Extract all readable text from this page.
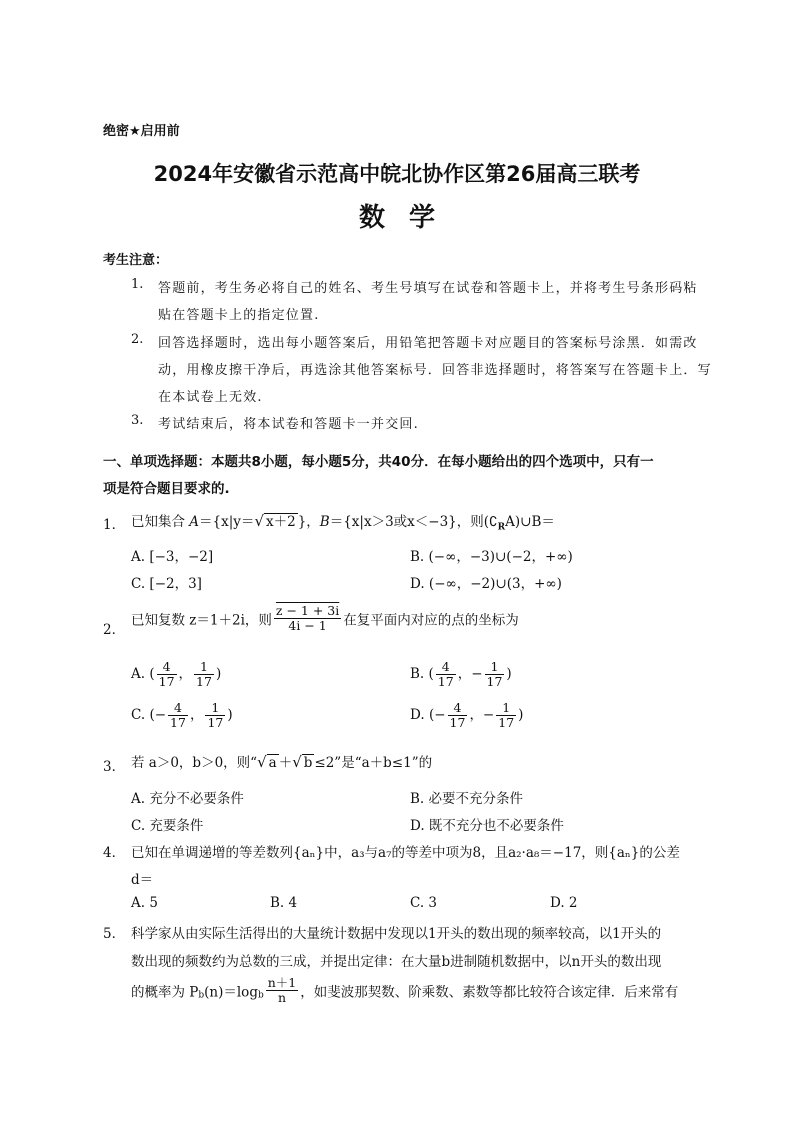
绝密★启用前
2024年安徽省示范高中皖北协作区第26届高三联考
数学
考生注意：
1. 答题前，考生务必将自己的姓名、考生号填写在试卷和答题卡上，并将考生号条形码粘
贴在答题卡上的指定位置.
2. 回答选择题时，选出每小题答案后，用铅笔把答题卡对应题目的答案标号涂黑．如需改
动，用橡皮擦干净后，再选涂其他答案标号．回答非选择题时，将答案写在答题卡上．写
在本试卷上无效.
3. 考试结束后，将本试卷和答题卡一并交回.
一、单项选择题：本题共8小题，每小题5分，共40分．在每小题给出的四个选项中，只有一
项是符合题目要求的.
1． 已知集合 A＝{x|y＝√ x＋2 }，B＝{x|x＞3或x＜−3}，则$(∁_RA)\cup B=$
A. [−3，−2]	B. (−∞，−3)∪(−2，+∞)
C. [−2，3]	D. (−∞，−2)∪(3，+∞)
2．
已知复数 z＝1＋2i，则 $\frac{z - 1 + 3i}{4i - 1}$ 在复平面内对应的点的坐标为
A. ( $\frac{4}{17}$ ， $\frac{1}{17}$ )	B. ( $\frac{4}{17}$ ，− $\frac{1}{17}$ )
C. (− $\frac{4}{17}$ ， $\frac{1}{17}$ )	D. (− $\frac{4}{17}$ ，− $\frac{1}{17}$ )
3． 若 a＞0，b＞0，则“√ a ＋√ b ≤2”是“a＋b≤1”的
A. 充分不必要条件	B. 必要不充分条件
C. 充要条件	D. 既不充分也不必要条件
4． 已知在单调递增的等差数列{aₙ}中，a₃与a₇的等差中项为8，且a₂·a₈＝−17，则{aₙ}的公差
d＝
A. 5	B. 4	C. 3	D. 2
5． 科学家从由实际生活得出的大量统计数据中发现以1开头的数出现的频率较高，以1开头的
数出现的频数约为总数的三成，并提出定律：在大量b进制随机数据中，以n开头的数出现
的概率为 $P_b(n)=\log_b \frac{n+1}{n}$ ，如斐波那契数、阶乘数、素数等都比较符合该定律．后来常有
